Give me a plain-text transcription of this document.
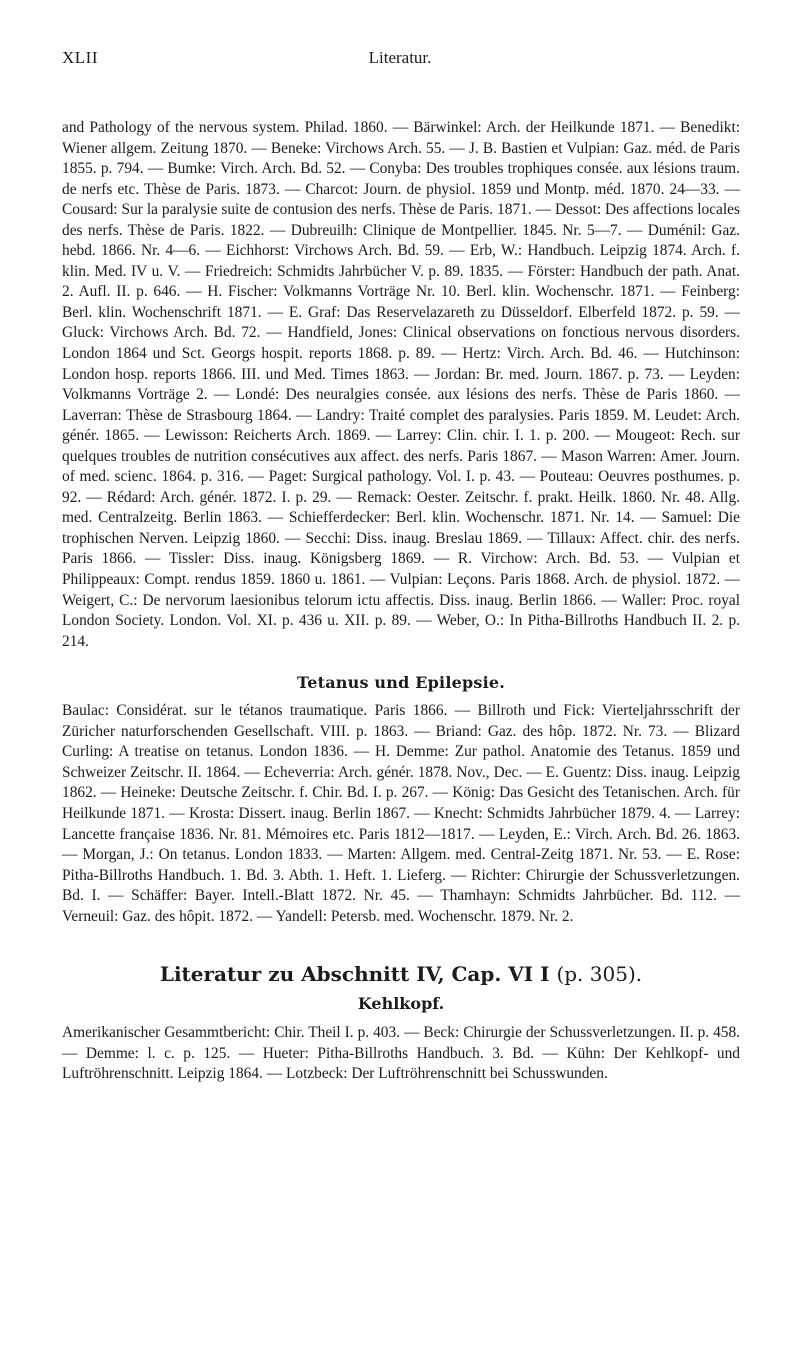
XLII	Literatur.

and Pathology of the nervous system. Philad. 1860. — Bärwinkel: Arch. der Heilkunde 1871. — Benedikt: Wiener allgem. Zeitung 1870. — Beneke: Virchows Arch. 55. — J. B. Bastien et Vulpian: Gaz. méd. de Paris 1855. p. 794. — Bumke: Virch. Arch. Bd. 52. — Conyba: Des troubles trophiques consée. aux lésions traum. de nerfs etc. Thèse de Paris. 1873. — Charcot: Journ. de physiol. 1859 und Montp. méd. 1870. 24—33. — Cousard: Sur la paralysie suite de contusion des nerfs. Thèse de Paris. 1871. — Dessot: Des affections locales des nerfs. Thèse de Paris. 1822. — Dubreuilh: Clinique de Montpellier. 1845. Nr. 5—7. — Duménil: Gaz. hebd. 1866. Nr. 4—6. — Eichhorst: Virchows Arch. Bd. 59. — Erb, W.: Handbuch. Leipzig 1874. Arch. f. klin. Med. IV u. V. — Friedreich: Schmidts Jahrbücher V. p. 89. 1835. — Förster: Handbuch der path. Anat. 2. Aufl. II. p. 646. — H. Fischer: Volkmanns Vorträge Nr. 10. Berl. klin. Wochenschr. 1871. — Feinberg: Berl. klin. Wochenschrift 1871. — E. Graf: Das Reservelazareth zu Düsseldorf. Elberfeld 1872. p. 59. — Gluck: Virchows Arch. Bd. 72. — Handfield, Jones: Clinical observations on fonctious nervous disorders. London 1864 und Sct. Georgs hospit. reports 1868. p. 89. — Hertz: Virch. Arch. Bd. 46. — Hutchinson: London hosp. reports 1866. III. und Med. Times 1863. — Jordan: Br. med. Journ. 1867. p. 73. — Leyden: Volkmanns Vorträge 2. — Londé: Des neuralgies consée. aux lésions des nerfs. Thèse de Paris 1860. — Laverran: Thèse de Strasbourg 1864. — Landry: Traité complet des paralysies. Paris 1859. M. Leudet: Arch. génér. 1865. — Lewisson: Reicherts Arch. 1869. — Larrey: Clin. chir. I. 1. p. 200. — Mougeot: Rech. sur quelques troubles de nutrition consécutives aux affect. des nerfs. Paris 1867. — Mason Warren: Amer. Journ. of med. scienc. 1864. p. 316. — Paget: Surgical pathology. Vol. I. p. 43. — Pouteau: Oeuvres posthumes. p. 92. — Rédard: Arch. génér. 1872. I. p. 29. — Remack: Oester. Zeitschr. f. prakt. Heilk. 1860. Nr. 48. Allg. med. Centralzeitg. Berlin 1863. — Schiefferdecker: Berl. klin. Wochenschr. 1871. Nr. 14. — Samuel: Die trophischen Nerven. Leipzig 1860. — Secchi: Diss. inaug. Breslau 1869. — Tillaux: Affect. chir. des nerfs. Paris 1866. — Tissler: Diss. inaug. Königsberg 1869. — R. Virchow: Arch. Bd. 53. — Vulpian et Philippeaux: Compt. rendus 1859. 1860 u. 1861. — Vulpian: Leçons. Paris 1868. Arch. de physiol. 1872. — Weigert, C.: De nervorum laesionibus telorum ictu affectis. Diss. inaug. Berlin 1866. — Waller: Proc. royal London Society. London. Vol. XI. p. 436 u. XII. p. 89. — Weber, O.: In Pitha-Billroths Handbuch II. 2. p. 214.

Tetanus und Epilepsie.

Baulac: Considérat. sur le tétanos traumatique. Paris 1866. — Billroth und Fick: Vierteljahrsschrift der Züricher naturforschenden Gesellschaft. VIII. p. 1863. — Briand: Gaz. des hôp. 1872. Nr. 73. — Blizard Curling: A treatise on tetanus. London 1836. — H. Demme: Zur pathol. Anatomie des Tetanus. 1859 und Schweizer Zeitschr. II. 1864. — Echeverria: Arch. génér. 1878. Nov., Dec. — E. Guentz: Diss. inaug. Leipzig 1862. — Heineke: Deutsche Zeitschr. f. Chir. Bd. I. p. 267. — König: Das Gesicht des Tetanischen. Arch. für Heilkunde 1871. — Krosta: Dissert. inaug. Berlin 1867. — Knecht: Schmidts Jahrbücher 1879. 4. — Larrey: Lancette française 1836. Nr. 81. Mémoires etc. Paris 1812—1817. — Leyden, E.: Virch. Arch. Bd. 26. 1863. — Morgan, J.: On tetanus. London 1833. — Marten: Allgem. med. Central-Zeitg 1871. Nr. 53. — E. Rose: Pitha-Billroths Handbuch. 1. Bd. 3. Abth. 1. Heft. 1. Lieferg. — Richter: Chirurgie der Schussverletzungen. Bd. I. — Schäffer: Bayer. Intell.-Blatt 1872. Nr. 45. — Thamhayn: Schmidts Jahrbücher. Bd. 112. — Verneuil: Gaz. des hôpit. 1872. — Yandell: Petersb. med. Wochenschr. 1879. Nr. 2.

Literatur zu Abschnitt IV, Cap. VI I (p. 305).
Kehlkopf.

Amerikanischer Gesammtbericht: Chir. Theil I. p. 403. — Beck: Chirurgie der Schussverletzungen. II. p. 458. — Demme: l. c. p. 125. — Hueter: Pitha-Billroths Handbuch. 3. Bd. — Kühn: Der Kehlkopf- und Luftröhrenschnitt. Leipzig 1864. — Lotzbeck: Der Luftröhrenschnitt bei Schusswunden.
